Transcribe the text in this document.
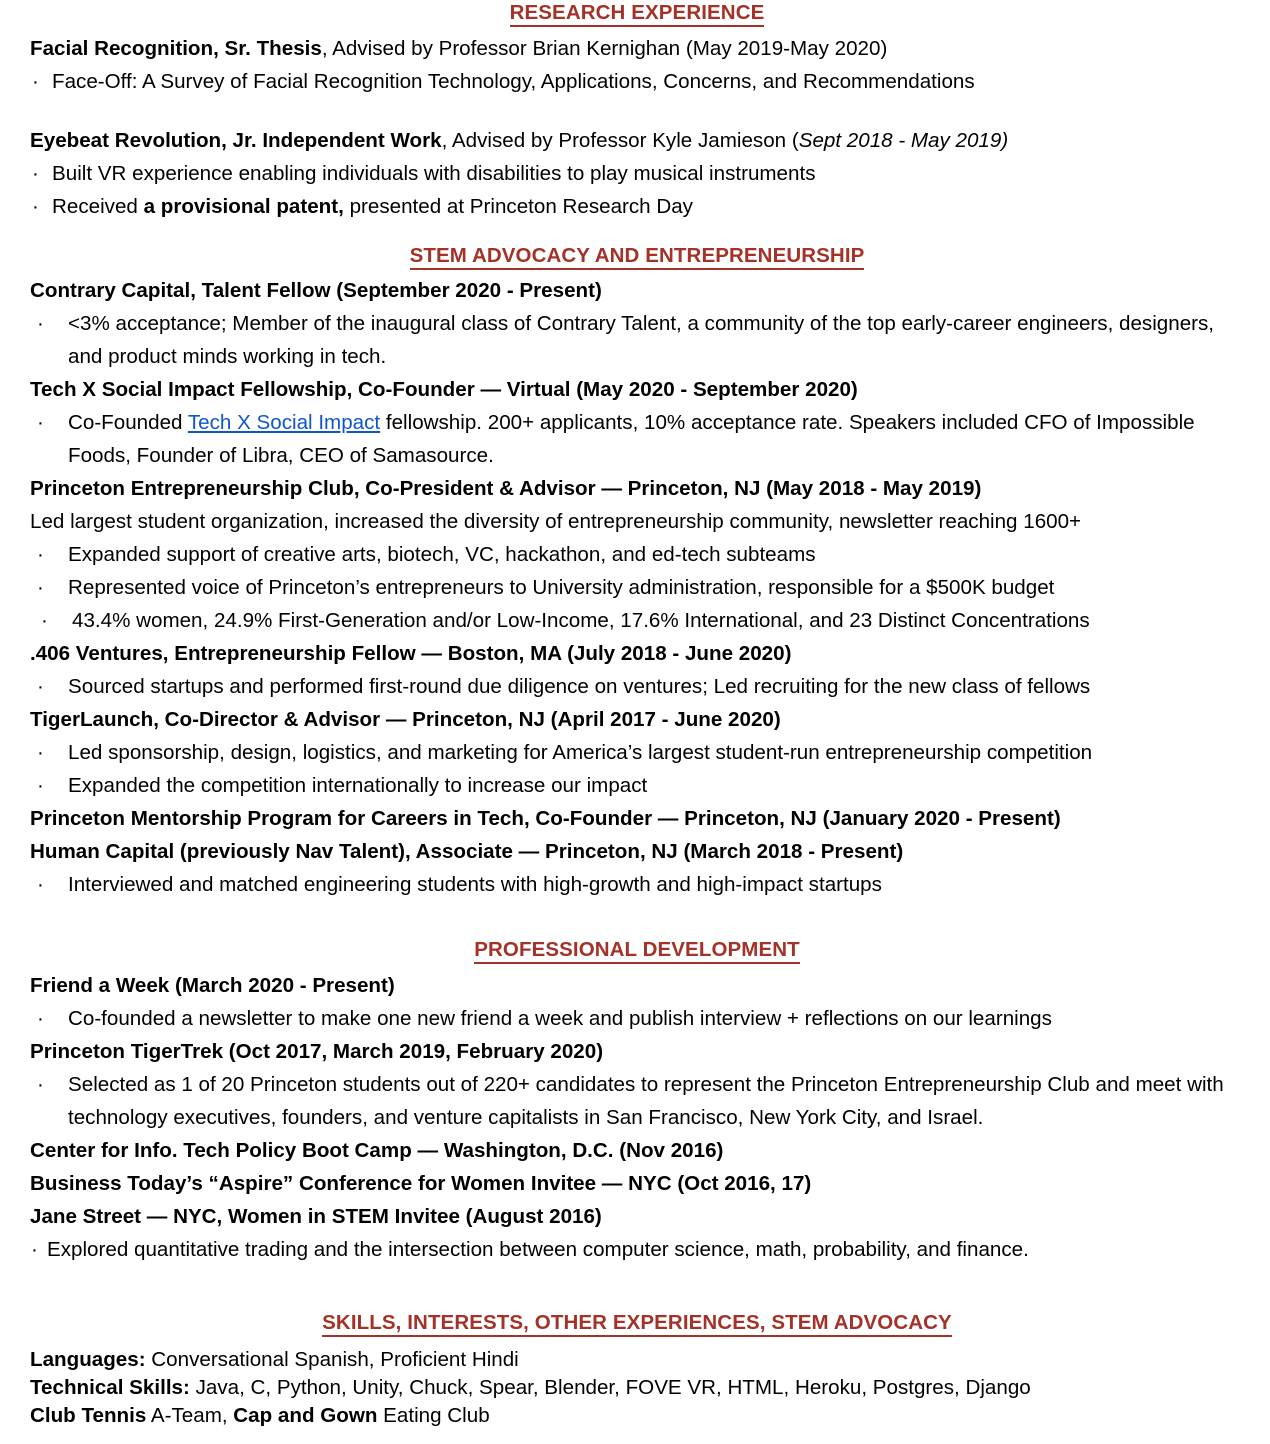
RESEARCH EXPERIENCE
Facial Recognition, Sr. Thesis, Advised by Professor Brian Kernighan (May 2019-May 2020)
· Face-Off: A Survey of Facial Recognition Technology, Applications, Concerns, and Recommendations
Eyebeat Revolution, Jr. Independent Work, Advised by Professor Kyle Jamieson (Sept 2018 - May 2019)
· Built VR experience enabling individuals with disabilities to play musical instruments
· Received a provisional patent, presented at Princeton Research Day
STEM ADVOCACY AND ENTREPRENEURSHIP
Contrary Capital, Talent Fellow (September 2020 - Present)
· <3% acceptance; Member of the inaugural class of Contrary Talent, a community of the top early-career engineers, designers, and product minds working in tech.
Tech X Social Impact Fellowship, Co-Founder — Virtual (May 2020 - September 2020)
· Co-Founded Tech X Social Impact fellowship. 200+ applicants, 10% acceptance rate. Speakers included CFO of Impossible Foods, Founder of Libra, CEO of Samasource.
Princeton Entrepreneurship Club, Co-President & Advisor — Princeton, NJ (May 2018 - May 2019)
Led largest student organization, increased the diversity of entrepreneurship community, newsletter reaching 1600+
· Expanded support of creative arts, biotech, VC, hackathon, and ed-tech subteams
· Represented voice of Princeton’s entrepreneurs to University administration, responsible for a $500K budget
· 43.4% women, 24.9% First-Generation and/or Low-Income, 17.6% International, and 23 Distinct Concentrations
.406 Ventures, Entrepreneurship Fellow — Boston, MA (July 2018 - June 2020)
· Sourced startups and performed first-round due diligence on ventures; Led recruiting for the new class of fellows
TigerLaunch, Co-Director & Advisor — Princeton, NJ (April 2017 - June 2020)
· Led sponsorship, design, logistics, and marketing for America’s largest student-run entrepreneurship competition
· Expanded the competition internationally to increase our impact
Princeton Mentorship Program for Careers in Tech, Co-Founder — Princeton, NJ (January 2020 - Present)
Human Capital (previously Nav Talent), Associate — Princeton, NJ (March 2018 - Present)
· Interviewed and matched engineering students with high-growth and high-impact startups
PROFESSIONAL DEVELOPMENT
Friend a Week (March 2020 - Present)
· Co-founded a newsletter to make one new friend a week and publish interview + reflections on our learnings
Princeton TigerTrek (Oct 2017, March 2019, February 2020)
· Selected as 1 of 20 Princeton students out of 220+ candidates to represent the Princeton Entrepreneurship Club and meet with technology executives, founders, and venture capitalists in San Francisco, New York City, and Israel.
Center for Info. Tech Policy Boot Camp — Washington, D.C. (Nov 2016)
Business Today’s “Aspire” Conference for Women Invitee — NYC (Oct 2016, 17)
Jane Street — NYC, Women in STEM Invitee (August 2016)
· Explored quantitative trading and the intersection between computer science, math, probability, and finance.
SKILLS, INTERESTS, OTHER EXPERIENCES, STEM ADVOCACY
Languages: Conversational Spanish, Proficient Hindi
Technical Skills: Java, C, Python, Unity, Chuck, Spear, Blender, FOVE VR, HTML, Heroku, Postgres, Django
Club Tennis A-Team, Cap and Gown Eating Club
